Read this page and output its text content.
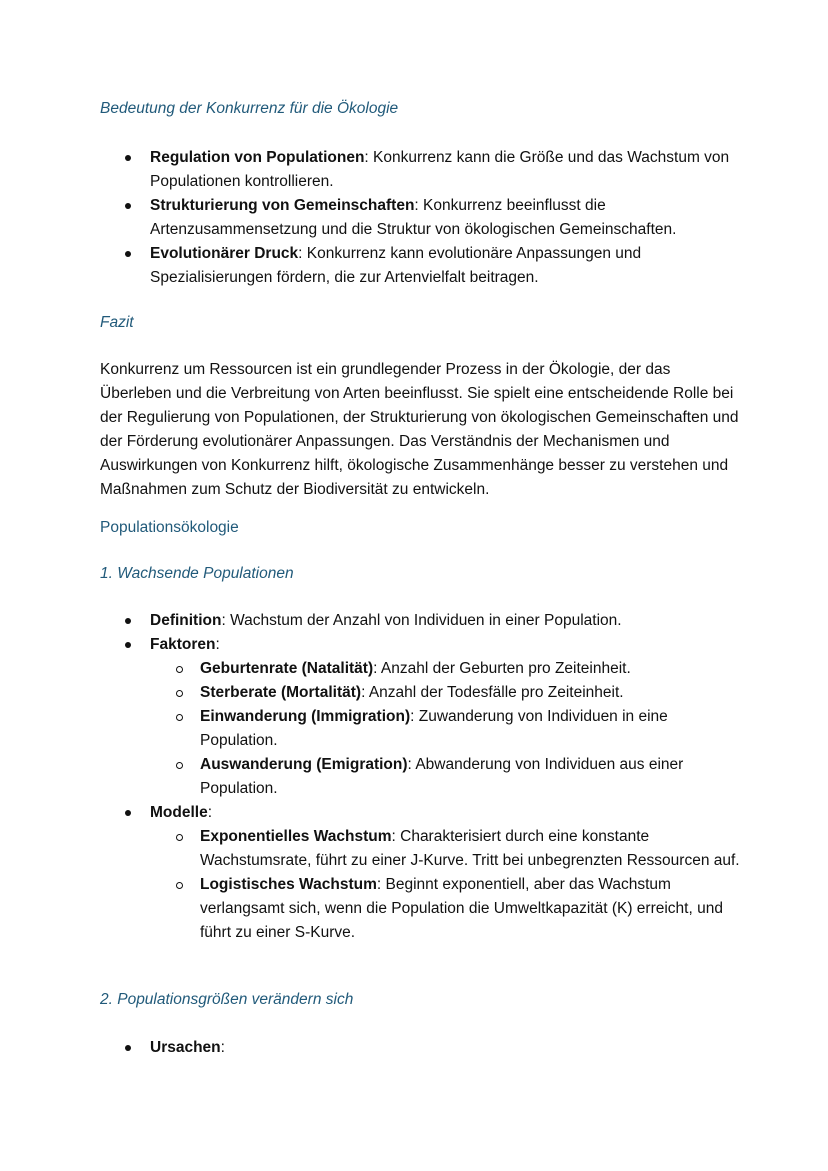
Bedeutung der Konkurrenz für die Ökologie
Regulation von Populationen: Konkurrenz kann die Größe und das Wachstum von Populationen kontrollieren.
Strukturierung von Gemeinschaften: Konkurrenz beeinflusst die Artenzusammensetzung und die Struktur von ökologischen Gemeinschaften.
Evolutionärer Druck: Konkurrenz kann evolutionäre Anpassungen und Spezialisierungen fördern, die zur Artenvielfalt beitragen.
Fazit
Konkurrenz um Ressourcen ist ein grundlegender Prozess in der Ökologie, der das Überleben und die Verbreitung von Arten beeinflusst. Sie spielt eine entscheidende Rolle bei der Regulierung von Populationen, der Strukturierung von ökologischen Gemeinschaften und der Förderung evolutionärer Anpassungen. Das Verständnis der Mechanismen und Auswirkungen von Konkurrenz hilft, ökologische Zusammenhänge besser zu verstehen und Maßnahmen zum Schutz der Biodiversität zu entwickeln.
Populationsökologie
1. Wachsende Populationen
Definition: Wachstum der Anzahl von Individuen in einer Population.
Faktoren:
Geburtenrate (Natalität): Anzahl der Geburten pro Zeiteinheit.
Sterberate (Mortalität): Anzahl der Todesfälle pro Zeiteinheit.
Einwanderung (Immigration): Zuwanderung von Individuen in eine Population.
Auswanderung (Emigration): Abwanderung von Individuen aus einer Population.
Modelle:
Exponentielles Wachstum: Charakterisiert durch eine konstante Wachstumsrate, führt zu einer J-Kurve. Tritt bei unbegrenzten Ressourcen auf.
Logistisches Wachstum: Beginnt exponentiell, aber das Wachstum verlangsamt sich, wenn die Population die Umweltkapazität (K) erreicht, und führt zu einer S-Kurve.
2. Populationsgrößen verändern sich
Ursachen:
